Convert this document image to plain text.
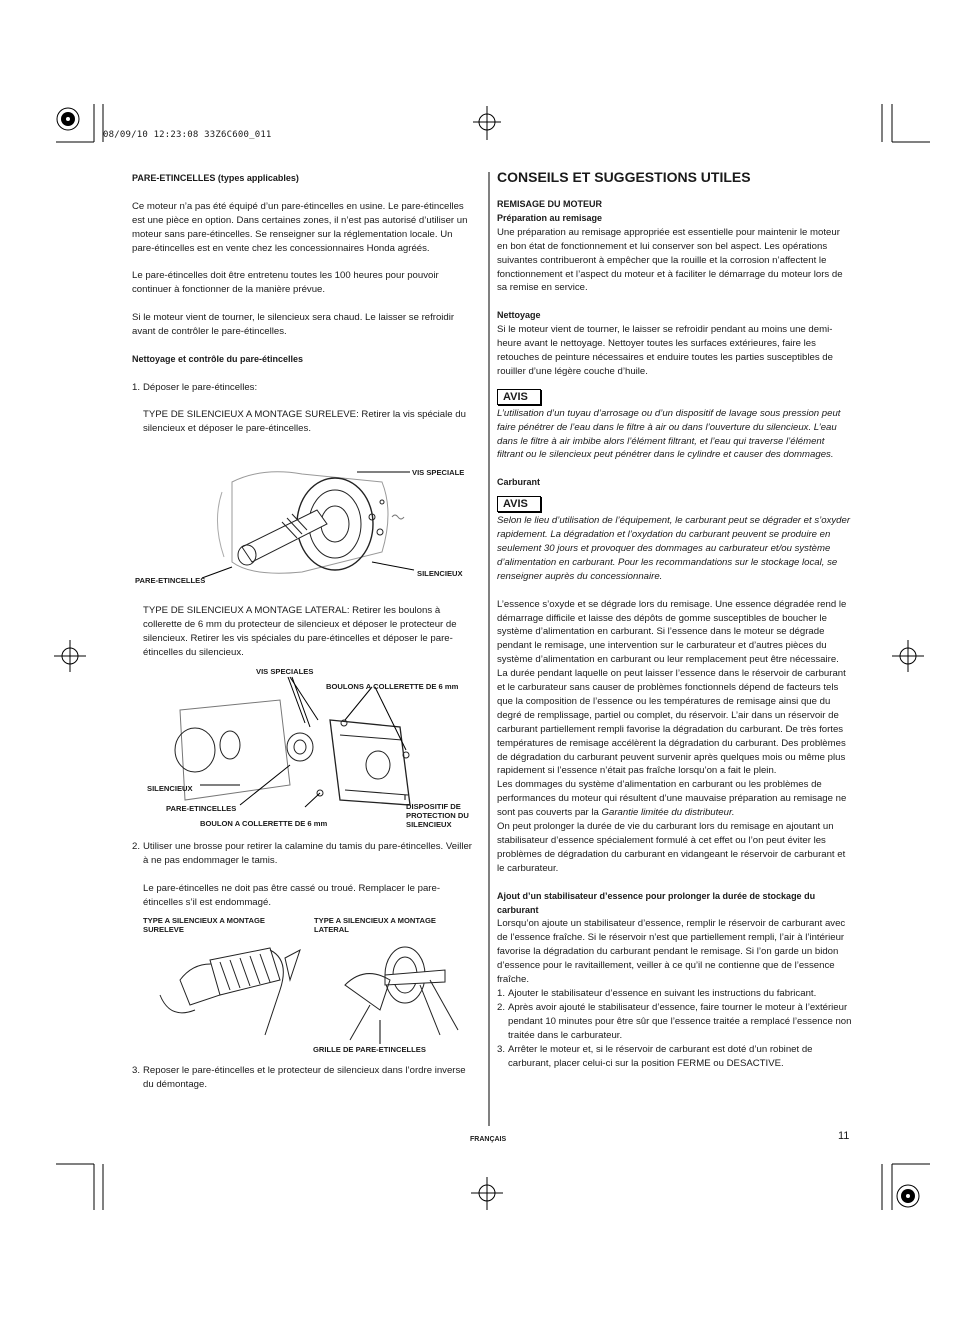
08/09/10 12:23:08 33Z6C600_011

PARE-ETINCELLES (types applicables)

Ce moteur n’a pas été équipé d’un pare-étincelles en usine. Le pare-étincelles est une pièce en option. Dans certaines zones, il n’est pas autorisé d’utiliser un moteur sans pare-étincelles. Se renseigner sur la réglementation locale. Un pare-étincelles est en vente chez les concessionnaires Honda agréés.

Le pare-étincelles doit être entretenu toutes les 100 heures pour pouvoir continuer à fonctionner de la manière prévue.

Si le moteur vient de tourner, le silencieux sera chaud. Le laisser se refroidir avant de contrôler le pare-étincelles.

Nettoyage et contrôle du pare-étincelles

1. Déposer le pare-étincelles:

TYPE DE SILENCIEUX A MONTAGE SURELEVE: Retirer la vis spéciale du silencieux et déposer le pare-étincelles.

VIS SPECIALE
PARE-ETINCELLES
SILENCIEUX

TYPE DE SILENCIEUX A MONTAGE LATERAL: Retirer les boulons à collerette de 6 mm du protecteur de silencieux et déposer le protecteur de silencieux. Retirer les vis spéciales du pare-étincelles et déposer le pare-étincelles du silencieux.

VIS SPECIALES
BOULONS A COLLERETTE DE 6 mm
SILENCIEUX
PARE-ETINCELLES
BOULON A COLLERETTE DE 6 mm
DISPOSITIF DE
PROTECTION DU
SILENCIEUX
2. Utiliser une brosse pour retirer la calamine du tamis du pare-étincelles. Veiller à ne pas endommager le tamis.

Le pare-étincelles ne doit pas être cassé ou troué. Remplacer le pare-étincelles s’il est endommagé.

TYPE A SILENCIEUX A MONTAGE
SURELEVE
TYPE A SILENCIEUX A MONTAGE
LATERAL
GRILLE DE PARE-ETINCELLES
3. Reposer le pare-étincelles et le protecteur de silencieux dans l’ordre inverse du démontage.
CONSEILS ET SUGGESTIONS UTILES

REMISAGE DU MOTEUR

Préparation au remisage

Une préparation au remisage appropriée est essentielle pour maintenir le moteur en bon état de fonctionnement et lui conserver son bel aspect. Les opérations suivantes contribueront à empêcher que la rouille et la corrosion n’affectent le fonctionnement et l’aspect du moteur et à faciliter le démarrage du moteur lors de sa remise en service.

Nettoyage

Si le moteur vient de tourner, le laisser se refroidir pendant au moins une demi-heure avant le nettoyage. Nettoyer toutes les surfaces extérieures, faire les retouches de peinture nécessaires et enduire toutes les parties susceptibles de rouiller d’une légère couche d’huile.

AVIS

L’utilisation d’un tuyau d’arrosage ou d’un dispositif de lavage sous pression peut faire pénétrer de l’eau dans le filtre à air ou dans l’ouverture du silencieux. L’eau dans le filtre à air imbibe alors l’élément filtrant, et l’eau qui traverse l’élément filtrant ou le silencieux peut pénétrer dans le cylindre et causer des dommages.

Carburant

AVIS

Selon le lieu d’utilisation de l’équipement, le carburant peut se dégrader et s’oxyder rapidement. La dégradation et l’oxydation du carburant peuvent se produire en seulement 30 jours et provoquer des dommages au carburateur et/ou système d’alimentation en carburant. Pour les recommandations sur le stockage local, se renseigner auprès du concessionnaire.

L’essence s’oxyde et se dégrade lors du remisage. Une essence dégradée rend le démarrage difficile et laisse des dépôts de gomme susceptibles de boucher le système d’alimentation en carburant. Si l’essence dans le moteur se dégrade pendant le remisage, une intervention sur le carburateur et d’autres pièces du système d’alimentation en carburant ou leur remplacement peut être nécessaire.

La durée pendant laquelle on peut laisser l’essence dans le réservoir de carburant et le carburateur sans causer de problèmes fonctionnels dépend de facteurs tels que la composition de l’essence ou les températures de remisage ainsi que du degré de remplissage, partiel ou complet, du réservoir. L’air dans un réservoir de carburant partiellement rempli favorise la dégradation du carburant. De très fortes températures de remisage accélèrent la dégradation du carburant. Des problèmes de dégradation du carburant peuvent survenir après quelques mois ou même plus rapidement si l’essence n’était pas fraîche lorsqu’on a fait le plein.

Les dommages du système d’alimentation en carburant ou les problèmes de performances du moteur qui résultent d’une mauvaise préparation au remisage ne sont pas couverts par la Garantie limitée du distributeur.

On peut prolonger la durée de vie du carburant lors du remisage en ajoutant un stabilisateur d’essence spécialement formulé à cet effet ou l’on peut éviter les problèmes de dégradation du carburant en vidangeant le réservoir de carburant et le carburateur.

Ajout d’un stabilisateur d’essence pour prolonger la durée de stockage du carburant

Lorsqu’on ajoute un stabilisateur d’essence, remplir le réservoir de carburant avec de l’essence fraîche. Si le réservoir n’est que partiellement rempli, l’air à l’intérieur favorise la dégradation du carburant pendant le remisage. Si l’on garde un bidon d’essence pour le ravitaillement, veiller à ce qu’il ne contienne que de l’essence fraîche.

1. Ajouter le stabilisateur d’essence en suivant les instructions du fabricant.
2. Après avoir ajouté le stabilisateur d’essence, faire tourner le moteur à l’extérieur pendant 10 minutes pour être sûr que l’essence traitée a remplacé l’essence non traitée dans le carburateur.
3. Arrêter le moteur et, si le réservoir de carburant est doté d’un robinet de carburant, placer celui-ci sur la position FERME ou DESACTIVE.
FRANÇAIS	11
